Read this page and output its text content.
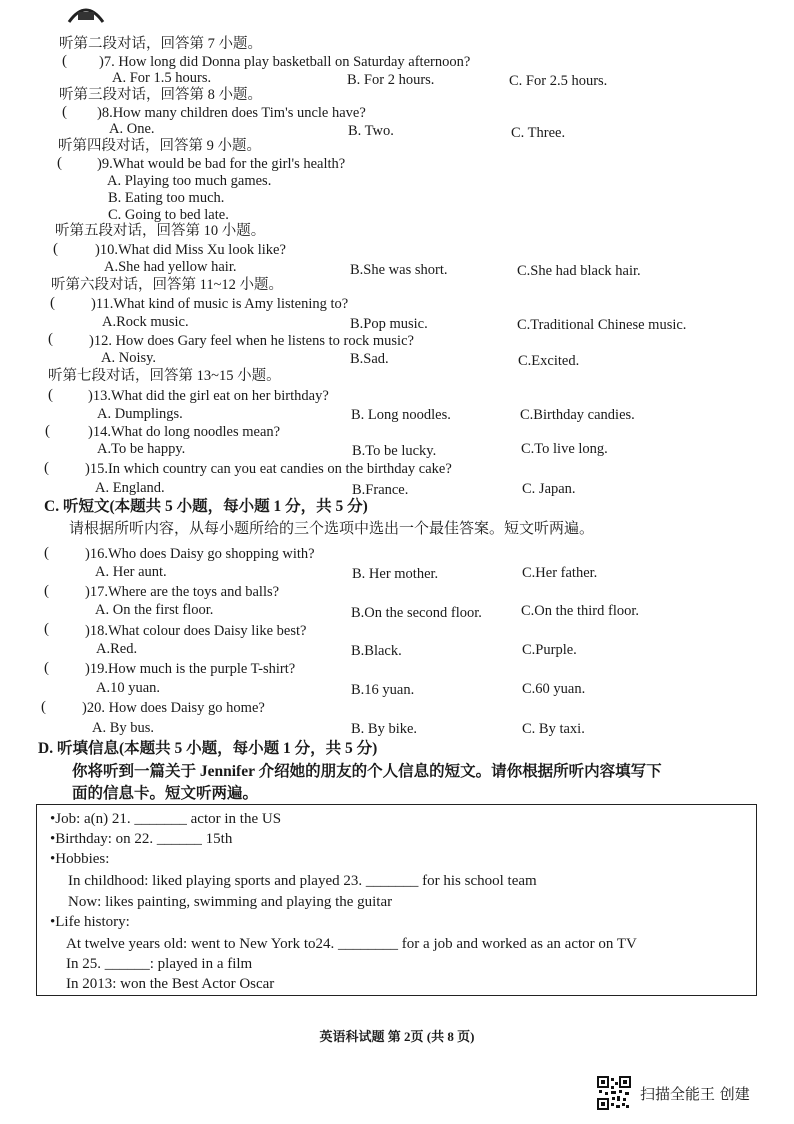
听第二段对话，回答第 7 小题。
( )7. How long did Donna play basketball on Saturday afternoon?
A. For 1.5 hours.	B. For 2 hours.	C. For 2.5 hours.
听第三段对话，回答第 8 小题。
( )8.How many children does Tim's uncle have?
A. One.	B. Two.	C. Three.
听第四段对话，回答第 9 小题。
( )9.What would be bad for the girl's health?
A. Playing too much games.
B. Eating too much.
C. Going to bed late.
听第五段对话，回答第 10 小题。
(	)10.What did Miss Xu look like?
A.She had yellow hair.	B.She was short.	C.She had black hair.
听第六段对话，回答第 11~12 小题。
( )11.What kind of music is Amy listening to?
A.Rock music.	B.Pop music.	C.Traditional Chinese music.
( )12. How does Gary feel when he listens to rock music?
A. Noisy.	B.Sad.	C.Excited.
听第七段对话，回答第 13~15 小题。
( )13.What did the girl eat on her birthday?
A. Dumplings.	B. Long noodles.	C.Birthday candies.
(	)14.What do long noodles mean?
A.To be happy.	B.To be lucky.	C.To live long.
( )15.In which country can you eat candies on the birthday cake?
A. England.	B.France.	C. Japan.
C. 听短文(本题共 5 小题，每小题 1 分，共 5 分)
请根据所听内容，从每小题所给的三个选项中选出一个最佳答案。短文听两遍。
( )16.Who does Daisy go shopping with?
A. Her aunt.	B. Her mother.	C.Her father.
( )17.Where are the toys and balls?
A. On the first floor.	B.On the second floor.	C.On the third floor.
( )18.What colour does Daisy like best?
A.Red.	B.Black.	C.Purple.
( )19.How much is the purple T-shirt?
A.10 yuan.	B.16 yuan.	C.60 yuan.
( )20. How does Daisy go home?
A. By bus.	B. By bike.	C. By taxi.
D. 听填信息(本题共 5 小题，每小题 1 分，共 5 分)
你将听到一篇关于 Jennifer 介绍她的朋友的个人信息的短文。请你根据所听内容填写下
面的信息卡。短文听两遍。
•Job: a(n) 21. _______ actor in the US
•Birthday: on 22. ______ 15th
•Hobbies:
In childhood: liked playing sports and played 23. _______ for his school team
Now: likes painting, swimming and playing the guitar
•Life history:
At twelve years old: went to New York to24. ________ for a job and worked as an actor on TV
In 25. ______: played in a film
In 2013: won the Best Actor Oscar
英语科试题 第 2页 (共 8 页)
扫描全能王 创建
